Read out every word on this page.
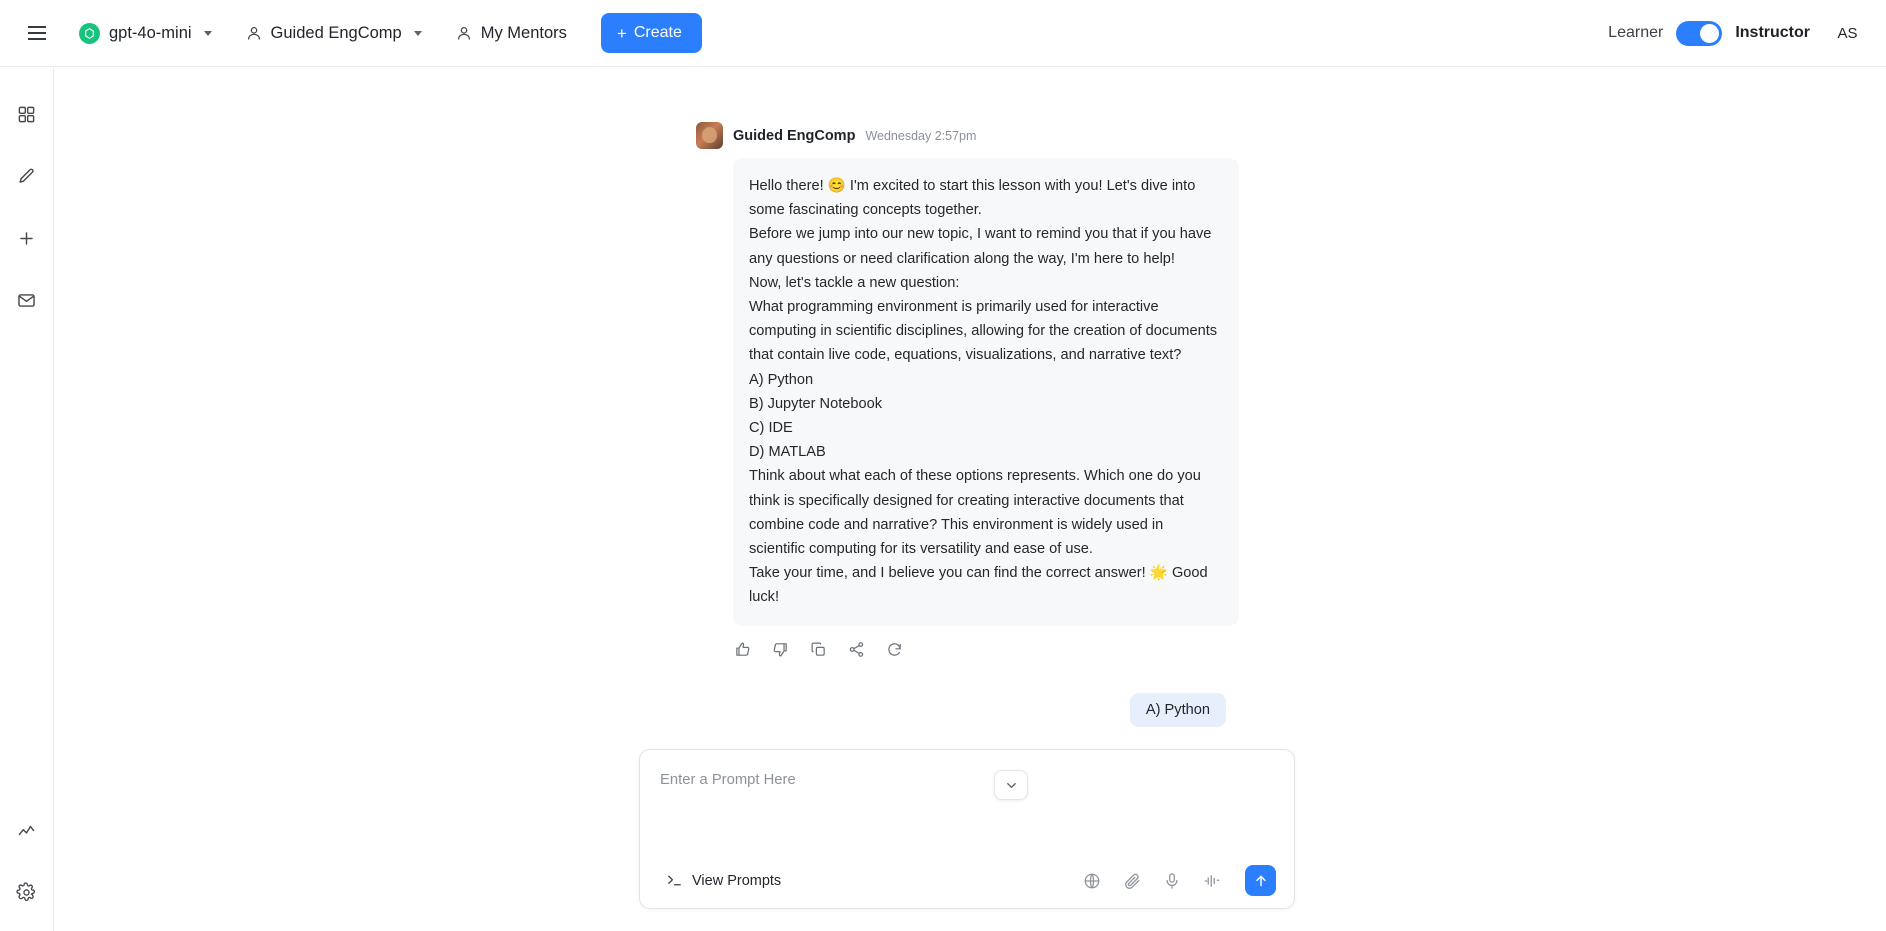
gpt-4o-mini	Guided EngComp	My Mentors	+ Create	Learner	Instructor	AS
Guided EngComp Wednesday 2:57pm

Hello there! 😊 I'm excited to start this lesson with you! Let's dive into some fascinating concepts together.

Before we jump into our new topic, I want to remind you that if you have any questions or need clarification along the way, I'm here to help!

Now, let's tackle a new question:

What programming environment is primarily used for interactive computing in scientific disciplines, allowing for the creation of documents that contain live code, equations, visualizations, and narrative text?

A) Python

B) Jupyter Notebook

C) IDE

D) MATLAB

Think about what each of these options represents. Which one do you think is specifically designed for creating interactive documents that combine code and narrative? This environment is widely used in scientific computing for its versatility and ease of use.

Take your time, and I believe you can find the correct answer! 🌟 Good luck!

A) Python
Enter a Prompt Here
View Prompts
